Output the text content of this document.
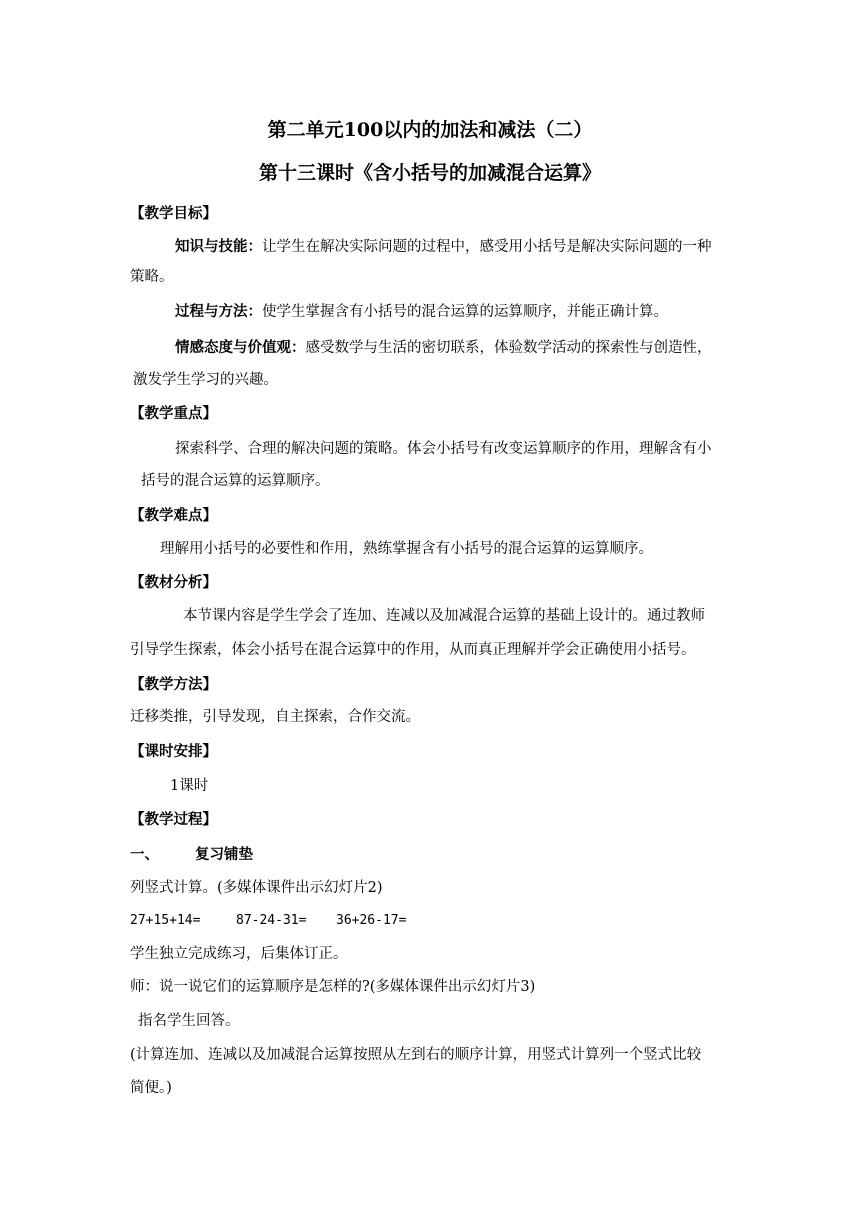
第二单元100以内的加法和减法（二）
第十三课时《含小括号的加减混合运算》
【教学目标】
知识与技能：让学生在解决实际问题的过程中，感受用小括号是解决实际问题的一种
策略。
过程与方法：使学生掌握含有小括号的混合运算的运算顺序，并能正确计算。
情感态度与价值观：感受数学与生活的密切联系，体验数学活动的探索性与创造性，
激发学生学习的兴趣。
【教学重点】
探索科学、合理的解决问题的策略。体会小括号有改变运算顺序的作用，理解含有小
括号的混合运算的运算顺序。
【教学难点】
理解用小括号的必要性和作用，熟练掌握含有小括号的混合运算的运算顺序。
【教材分析】
本节课内容是学生学会了连加、连减以及加减混合运算的基础上设计的。通过教师
引导学生探索，体会小括号在混合运算中的作用，从而真正理解并学会正确使用小括号。
【教学方法】
迁移类推，引导发现，自主探索，合作交流。
【课时安排】
1课时
【教学过程】
一、 复习铺垫
列竖式计算。(多媒体课件出示幻灯片2)
27+15+14=	87-24-31= 36+26-17=
学生独立完成练习，后集体订正。
师：说一说它们的运算顺序是怎样的?(多媒体课件出示幻灯片3)
指名学生回答。
(计算连加、连减以及加减混合运算按照从左到右的顺序计算，用竖式计算列一个竖式比较
简便。)
